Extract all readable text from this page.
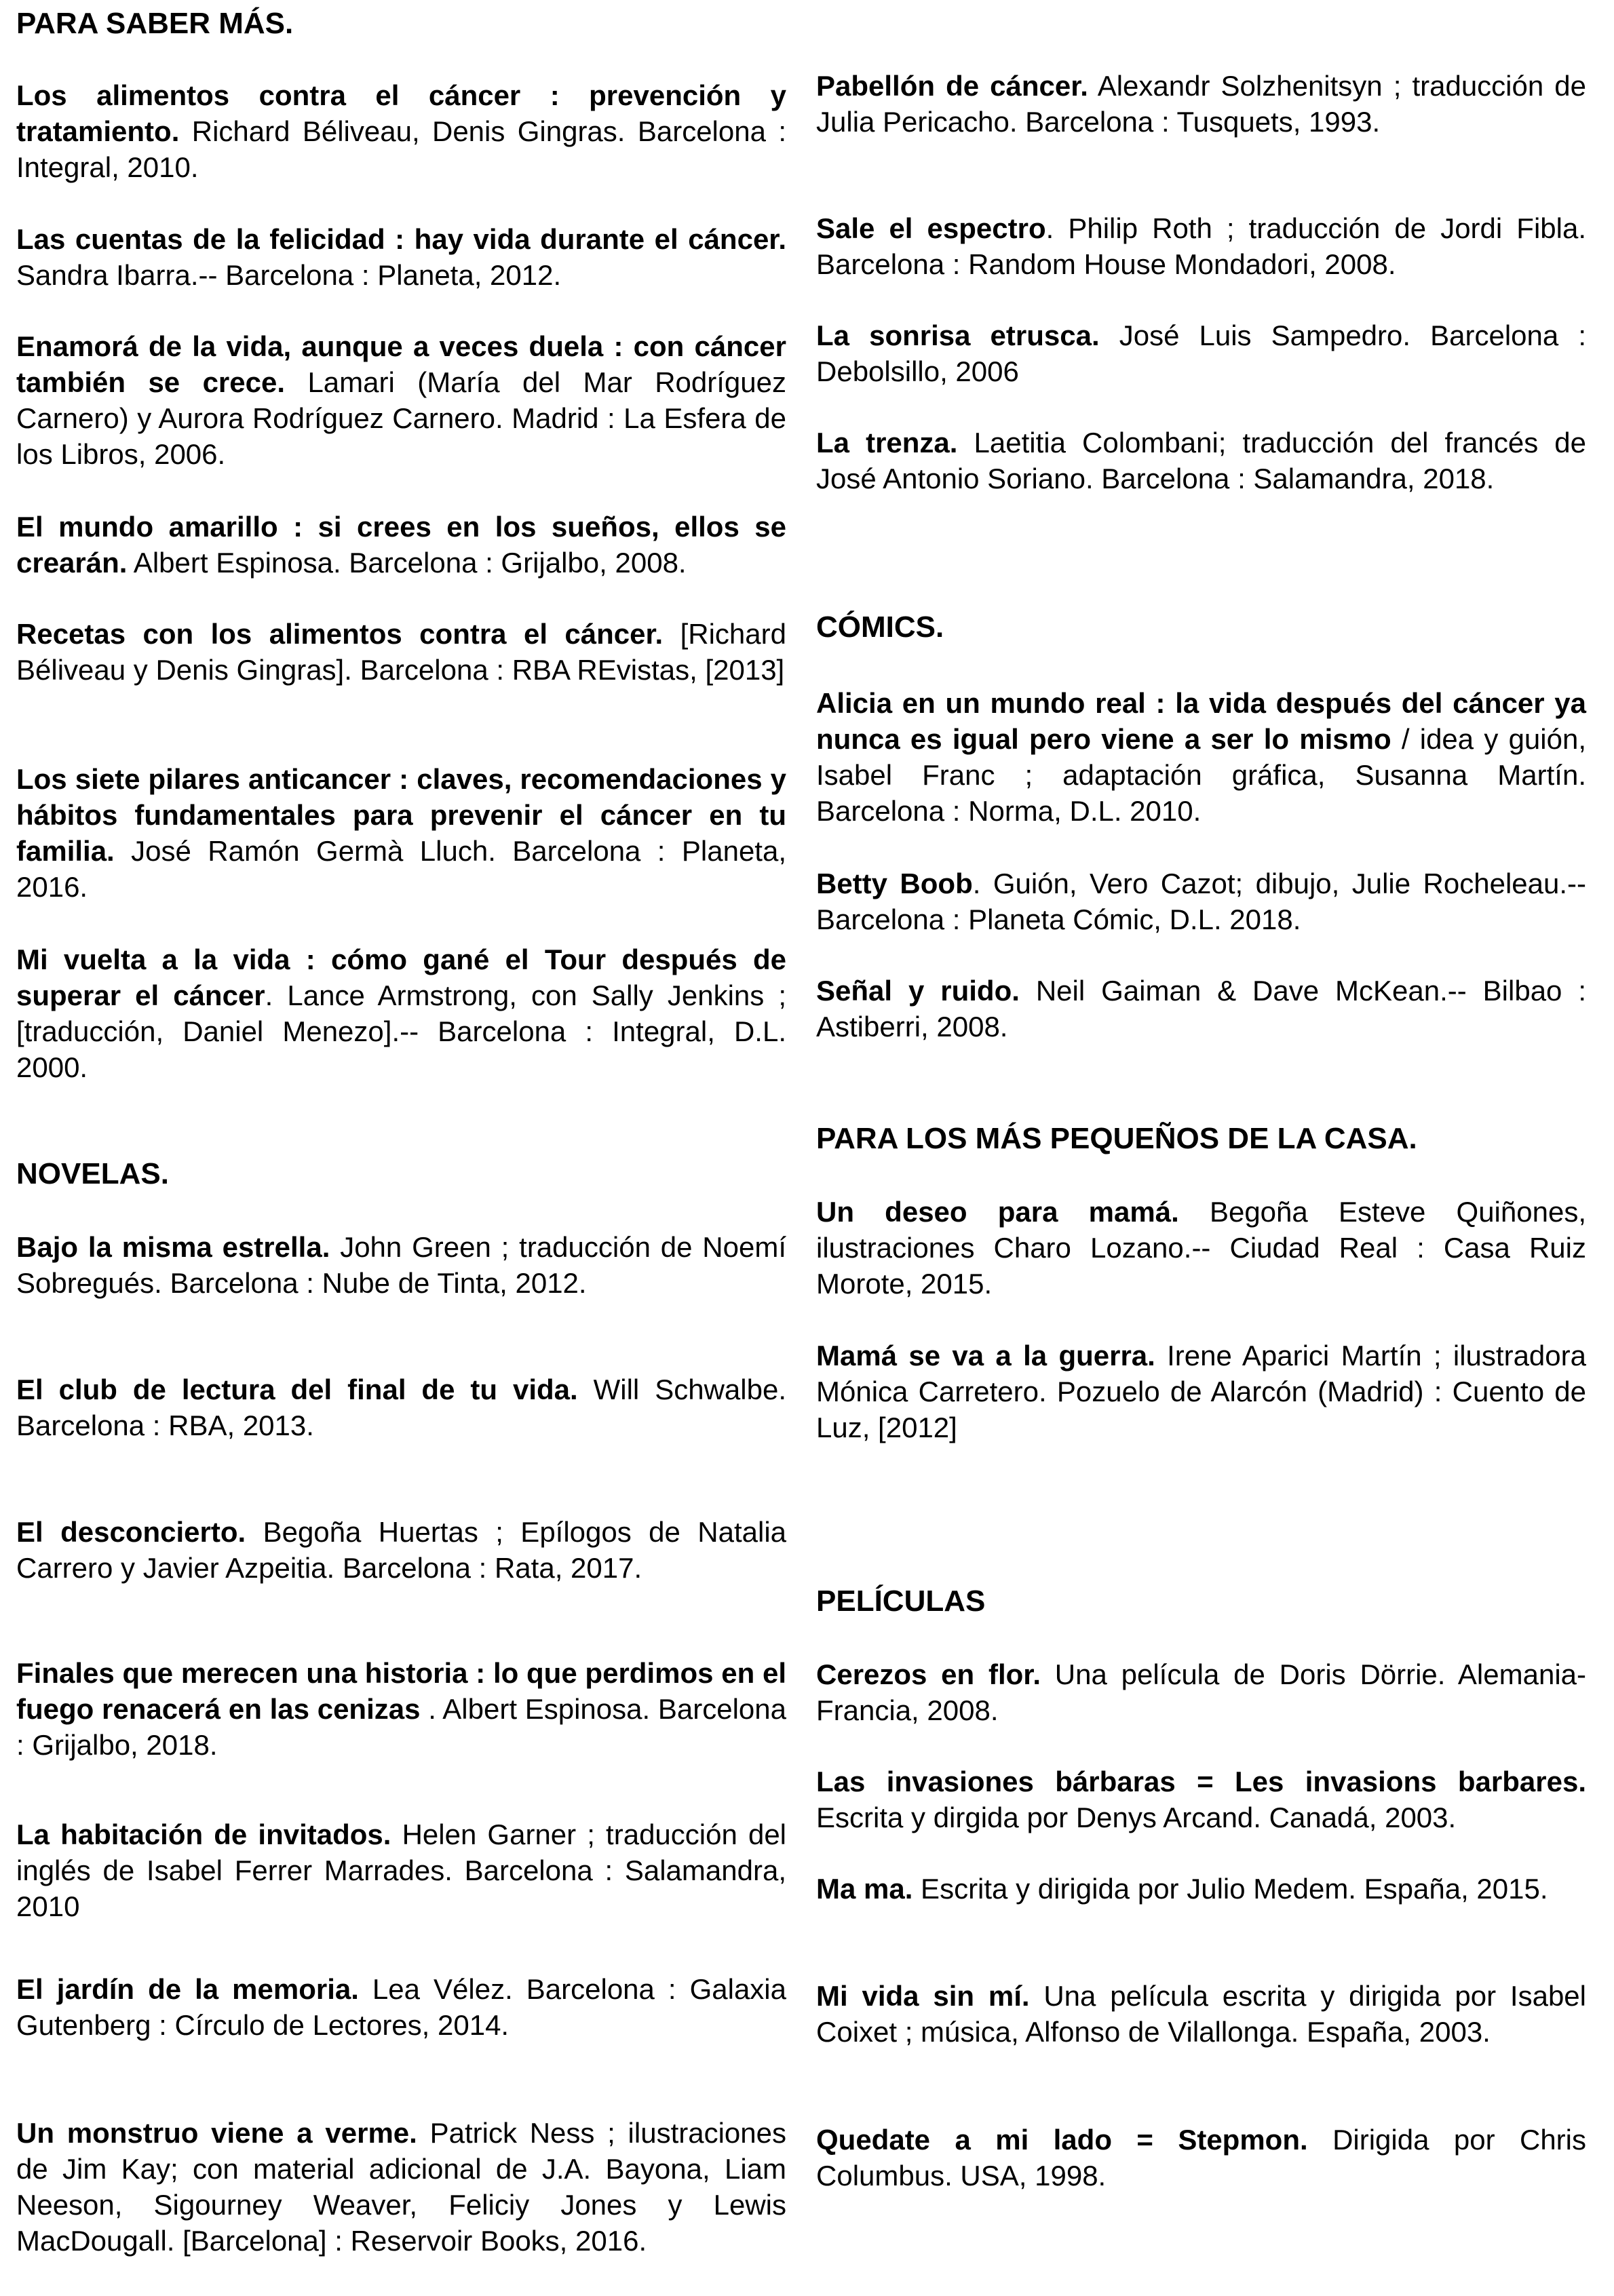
PARA SABER MÁS.
Los alimentos contra el cáncer : prevención y tratamiento. Richard Béliveau, Denis Gingras. Barcelona : Integral, 2010.
Las cuentas de la felicidad : hay vida durante el cáncer. Sandra Ibarra.-- Barcelona : Planeta, 2012.
Enamorá de la vida, aunque a veces duela : con cáncer también se crece. Lamari (María del Mar Rodríguez Carnero) y Aurora Rodríguez Carnero. Madrid : La Esfera de los Libros, 2006.
El mundo amarillo : si crees en los sueños, ellos se crearán. Albert Espinosa. Barcelona : Grijalbo, 2008.
Recetas con los alimentos contra el cáncer. [Richard Béliveau y Denis Gingras]. Barcelona : RBA REvistas, [2013]
Los siete pilares anticancer : claves, recomendaciones y hábitos fundamentales para prevenir el cáncer en tu familia. José Ramón Germà Lluch. Barcelona : Planeta, 2016.
Mi vuelta a la vida : cómo gané el Tour después de superar el cáncer. Lance Armstrong, con Sally Jenkins ; [traducción, Daniel Menezo].-- Barcelona : Integral, D.L. 2000.
NOVELAS.
Bajo la misma estrella. John Green ; traducción de Noemí Sobregués. Barcelona : Nube de Tinta, 2012.
El club de lectura del final de tu vida. Will Schwalbe. Barcelona : RBA, 2013.
El desconcierto. Begoña Huertas ; Epílogos de Natalia Carrero y Javier Azpeitia. Barcelona : Rata, 2017.
Finales que merecen una historia : lo que perdimos en el fuego renacerá en las cenizas . Albert Espinosa. Barcelona : Grijalbo, 2018.
La habitación de invitados. Helen Garner ; traducción del inglés de Isabel Ferrer Marrades. Barcelona : Salamandra, 2010
El jardín de la memoria. Lea Vélez. Barcelona : Galaxia Gutenberg : Círculo de Lectores, 2014.
Un monstruo viene a verme. Patrick Ness ; ilustraciones de Jim Kay; con material adicional de J.A. Bayona, Liam Neeson, Sigourney Weaver, Feliciy Jones y Lewis MacDougall. [Barcelona] : Reservoir Books, 2016.
Pabellón de cáncer. Alexandr Solzhenitsyn ; traducción de Julia Pericacho. Barcelona : Tusquets, 1993.
Sale el espectro. Philip Roth ; traducción de Jordi Fibla. Barcelona : Random House Mondadori, 2008.
La sonrisa etrusca. José Luis Sampedro. Barcelona : Debolsillo, 2006
La trenza. Laetitia Colombani; traducción del francés de José Antonio Soriano. Barcelona : Salamandra, 2018.
CÓMICS.
Alicia en un mundo real : la vida después del cáncer ya nunca es igual pero viene a ser lo mismo / idea y guión, Isabel Franc ; adaptación gráfica, Susanna Martín. Barcelona : Norma, D.L. 2010.
Betty Boob. Guión, Vero Cazot; dibujo, Julie Rocheleau.-- Barcelona : Planeta Cómic, D.L. 2018.
Señal y ruido. Neil Gaiman & Dave McKean.-- Bilbao : Astiberri, 2008.
PARA LOS MÁS PEQUEÑOS DE LA CASA.
Un deseo para mamá. Begoña Esteve Quiñones, ilustraciones Charo Lozano.-- Ciudad Real : Casa Ruiz Morote, 2015.
Mamá se va a la guerra. Irene Aparici Martín ; ilustradora Mónica Carretero. Pozuelo de Alarcón (Madrid) : Cuento de Luz, [2012]
PELÍCULAS
Cerezos en flor. Una película de Doris Dörrie. Alemania-Francia, 2008.
Las invasiones bárbaras = Les invasions barbares. Escrita y dirgida por Denys Arcand. Canadá, 2003.
Ma ma. Escrita y dirigida por Julio Medem. España, 2015.
Mi vida sin mí. Una película escrita y dirigida por Isabel Coixet ; música, Alfonso de Vilallonga. España, 2003.
Quedate a mi lado = Stepmon. Dirigida por Chris Columbus. USA, 1998.
